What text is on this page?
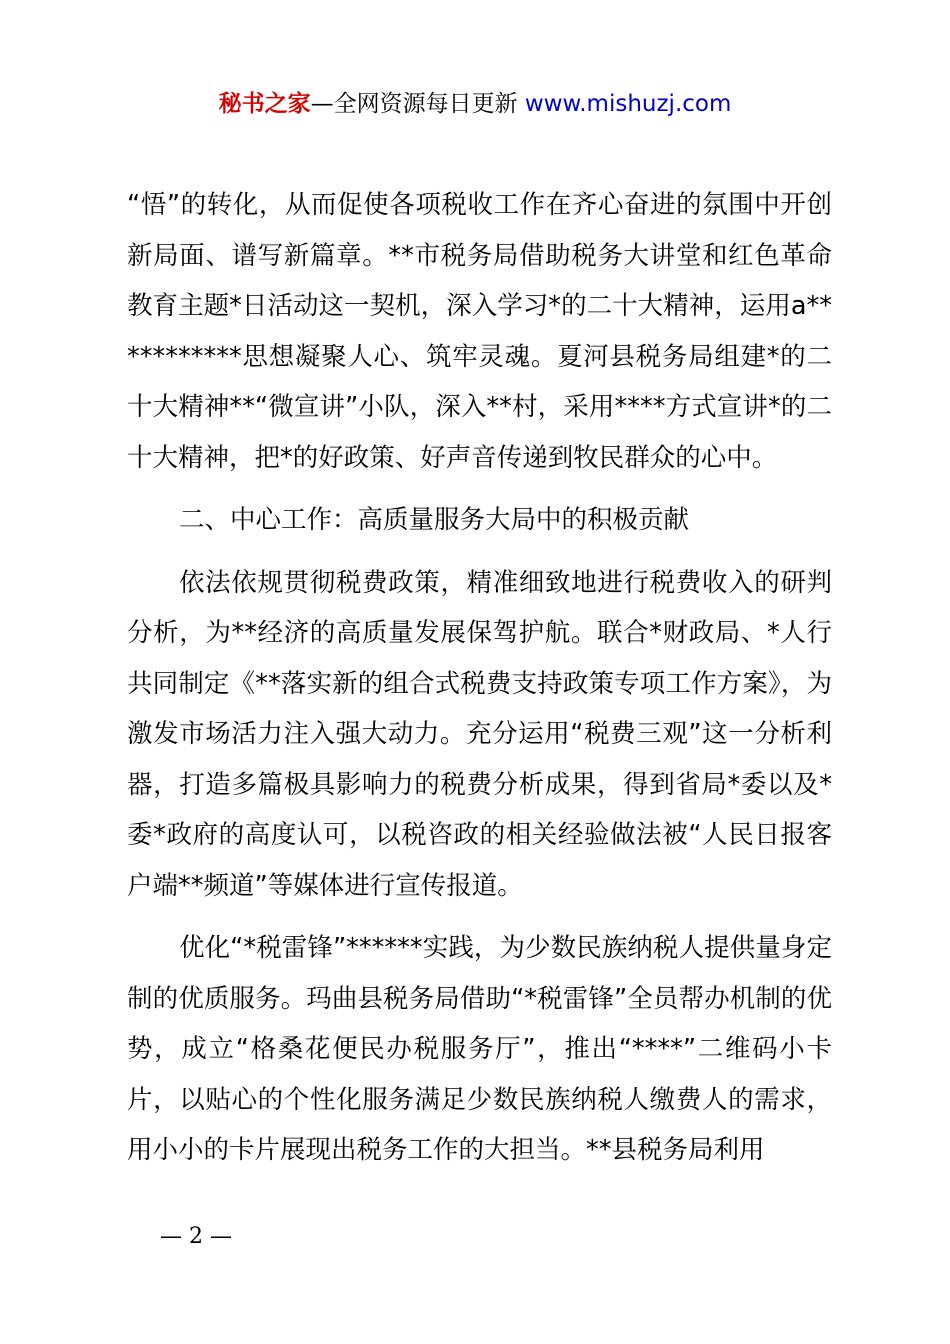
秘书之家—全网资源每日更新 www.mishuzj.com

“悟”的转化，从而促使各项税收工作在齐心奋进的氛围中开创新局面、谱写新篇章。**市税务局借助税务大讲堂和红色革命教育主题*日活动这一契机，深入学习*的二十大精神，运用a***********思想凝聚人心、筑牢灵魂。夏河县税务局组建*的二十大精神**“微宣讲”小队，深入**村，采用****方式宣讲*的二十大精神，把*的好政策、好声音传递到牧民群众的心中。

二、中心工作：高质量服务大局中的积极贡献

依法依规贯彻税费政策，精准细致地进行税费收入的研判分析，为**经济的高质量发展保驾护航。联合*财政局、*人行共同制定《**落实新的组合式税费支持政策专项工作方案》，为激发市场活力注入强大动力。充分运用“税费三观”这一分析利器，打造多篇极具影响力的税费分析成果，得到省局*委以及*委*政府的高度认可，以税咨政的相关经验做法被“人民日报客户端**频道”等媒体进行宣传报道。

优化“*税雷锋”******实践，为少数民族纳税人提供量身定制的优质服务。玛曲县税务局借助“*税雷锋”全员帮办机制的优势，成立“格桑花便民办税服务厅”，推出“****”二维码小卡片，以贴心的个性化服务满足少数民族纳税人缴费人的需求，用小小的卡片展现出税务工作的大担当。**县税务局利用

— 2 —
